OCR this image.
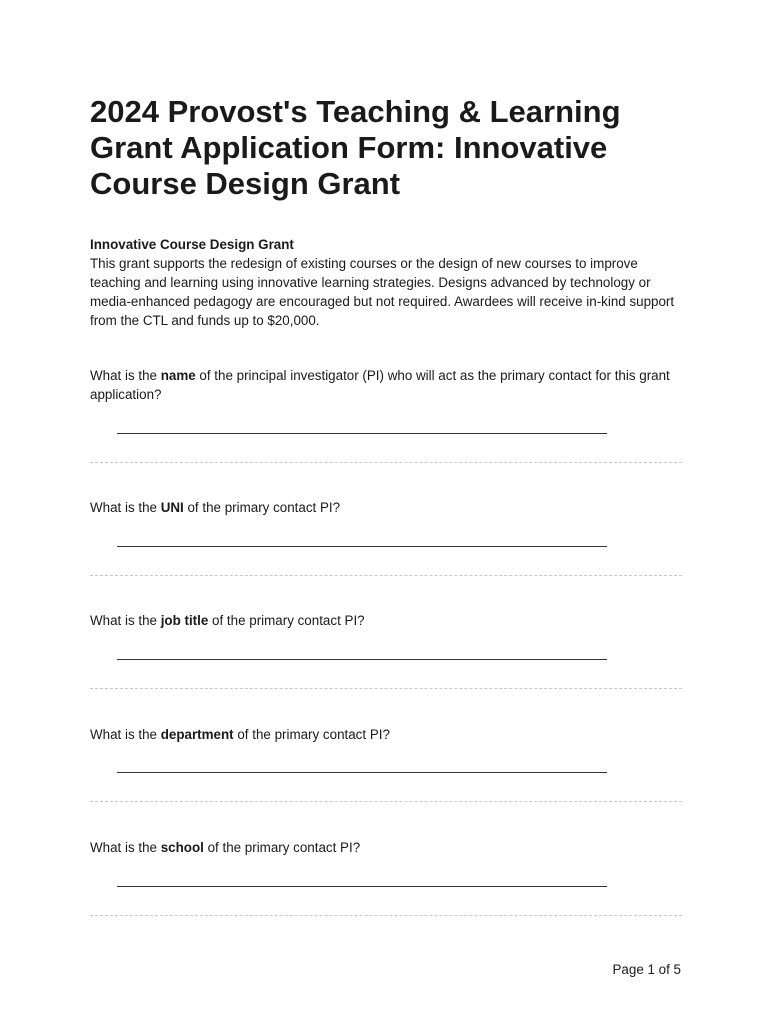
2024 Provost's Teaching & Learning Grant Application Form: Innovative Course Design Grant
Innovative Course Design Grant
This grant supports the redesign of existing courses or the design of new courses to improve teaching and learning using innovative learning strategies. Designs advanced by technology or media-enhanced pedagogy are encouraged but not required. Awardees will receive in-kind support from the CTL and funds up to $20,000.
What is the name of the principal investigator (PI) who will act as the primary contact for this grant application?
What is the UNI of the primary contact PI?
What is the job title of the primary contact PI?
What is the department of the primary contact PI?
What is the school of the primary contact PI?
Page 1 of 5
